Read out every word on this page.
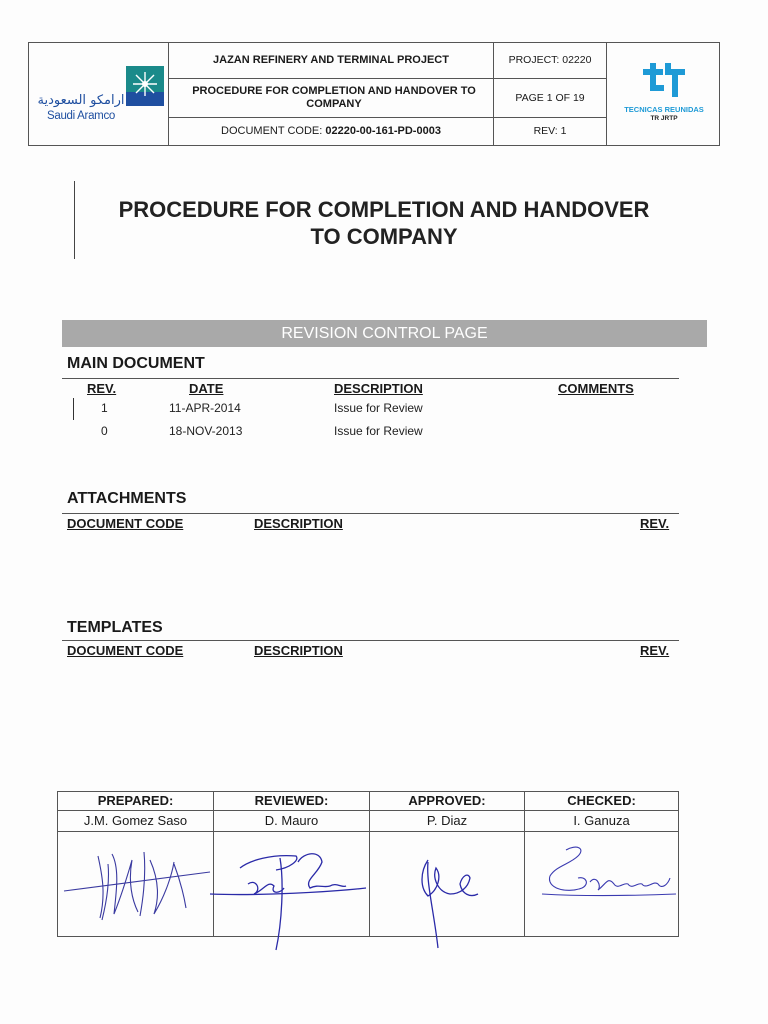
ارامكو السعودية
Saudi Aramco
JAZAN REFINERY AND TERMINAL PROJECT
PROCEDURE FOR COMPLETION AND HANDOVER TO COMPANY
DOCUMENT CODE:
02220-00-161-PD-0003
PROJECT: 02220
PAGE 1 OF 19
REV: 1
TECNICAS REUNIDAS
TR JRTP
PROCEDURE FOR COMPLETION AND HANDOVER
TO COMPANY
REVISION CONTROL PAGE
MAIN DOCUMENT
REV.	DATE	DESCRIPTION	COMMENTS
1	11-APR-2014	Issue for Review
0	18-NOV-2013	Issue for Review
ATTACHMENTS
DOCUMENT CODE	DESCRIPTION	REV.
TEMPLATES
DOCUMENT CODE	DESCRIPTION	REV.
PREPARED:	REVIEWED:	APPROVED:	CHECKED:
J.M. Gomez Saso	D. Mauro	P. Diaz	I. Ganuza
